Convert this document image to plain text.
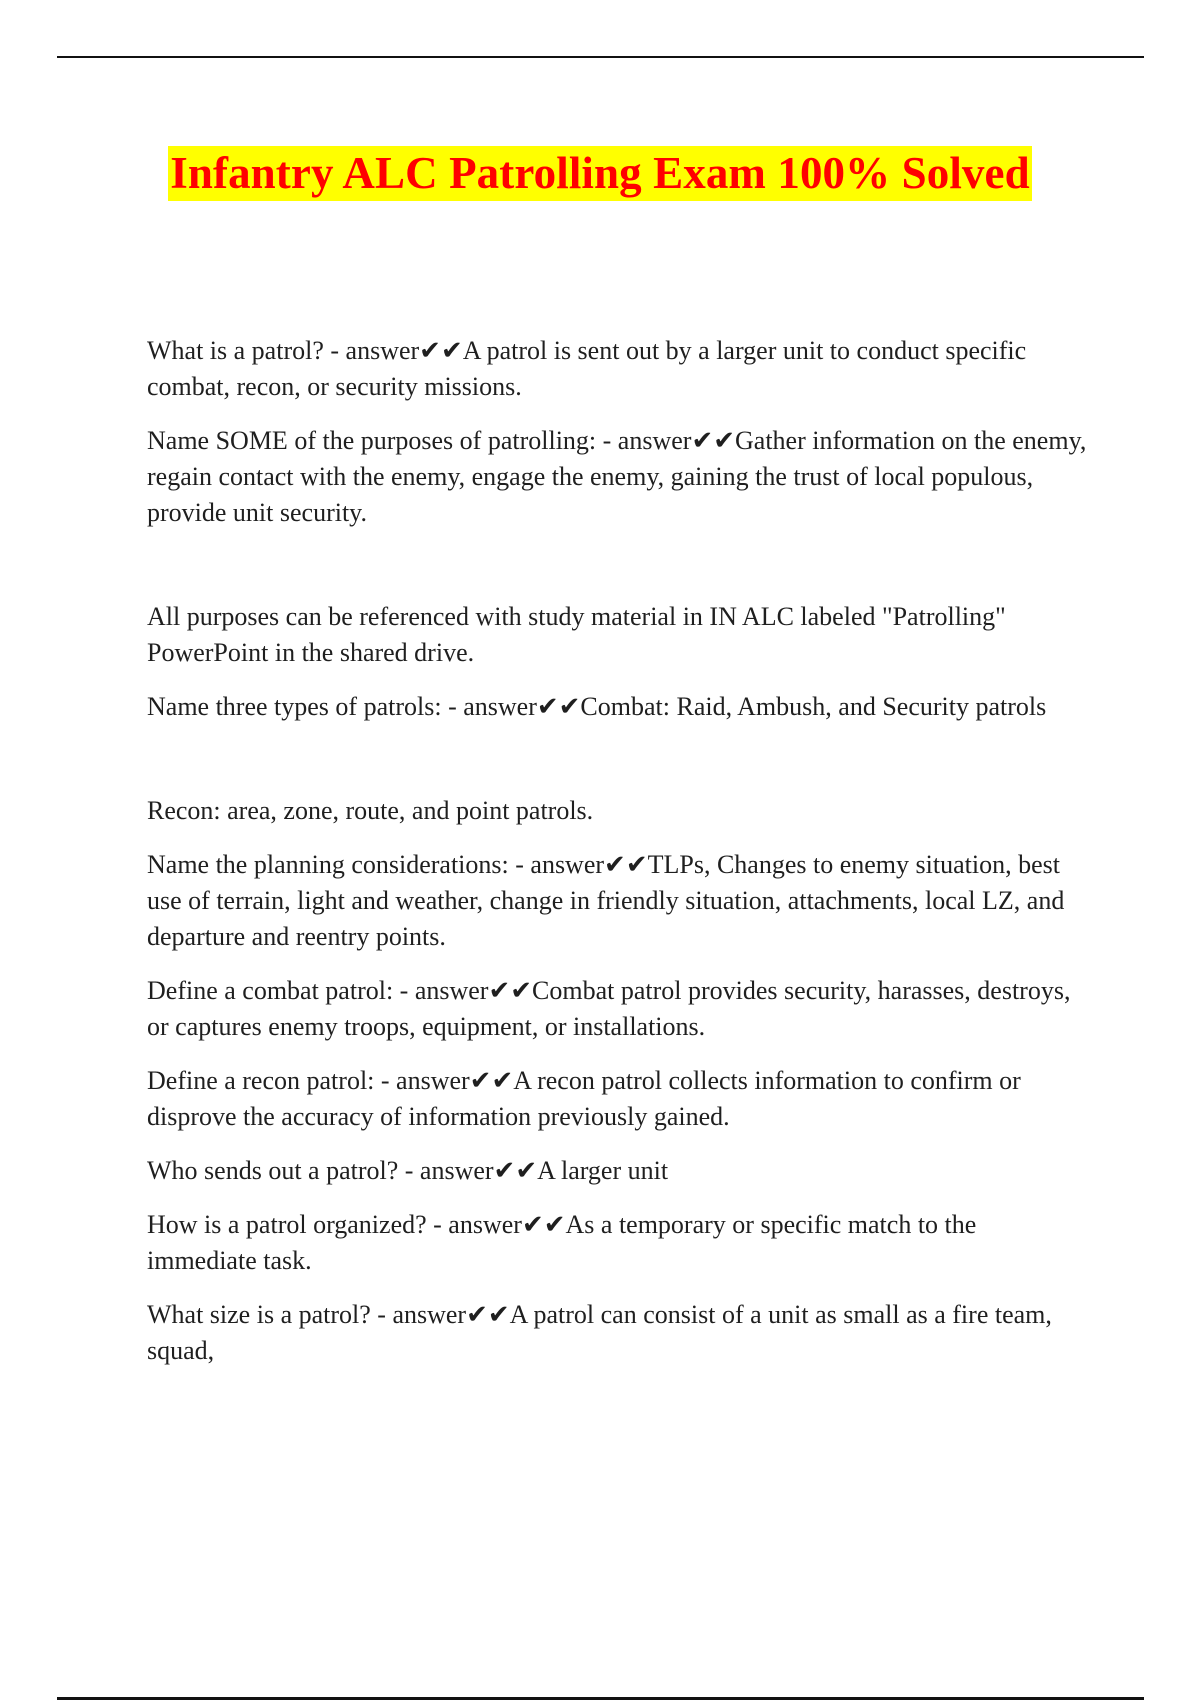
Infantry ALC Patrolling Exam 100% Solved

What is a patrol? - answer✔✔A patrol is sent out by a larger unit to conduct specific combat, recon, or security missions.

Name SOME of the purposes of patrolling: - answer✔✔Gather information on the enemy, regain contact with the enemy, engage the enemy, gaining the trust of local populous, provide unit security.

All purposes can be referenced with study material in IN ALC labeled "Patrolling" PowerPoint in the shared drive.

Name three types of patrols: - answer✔✔Combat: Raid, Ambush, and Security patrols

Recon: area, zone, route, and point patrols.

Name the planning considerations: - answer✔✔TLPs, Changes to enemy situation, best use of terrain, light and weather, change in friendly situation, attachments, local LZ, and departure and reentry points.

Define a combat patrol: - answer✔✔Combat patrol provides security, harasses, destroys, or captures enemy troops, equipment, or installations.

Define a recon patrol: - answer✔✔A recon patrol collects information to confirm or disprove the accuracy of information previously gained.

Who sends out a patrol? - answer✔✔A larger unit

How is a patrol organized? - answer✔✔As a temporary or specific match to the immediate task.

What size is a patrol? - answer✔✔A patrol can consist of a unit as small as a fire team, squad,
